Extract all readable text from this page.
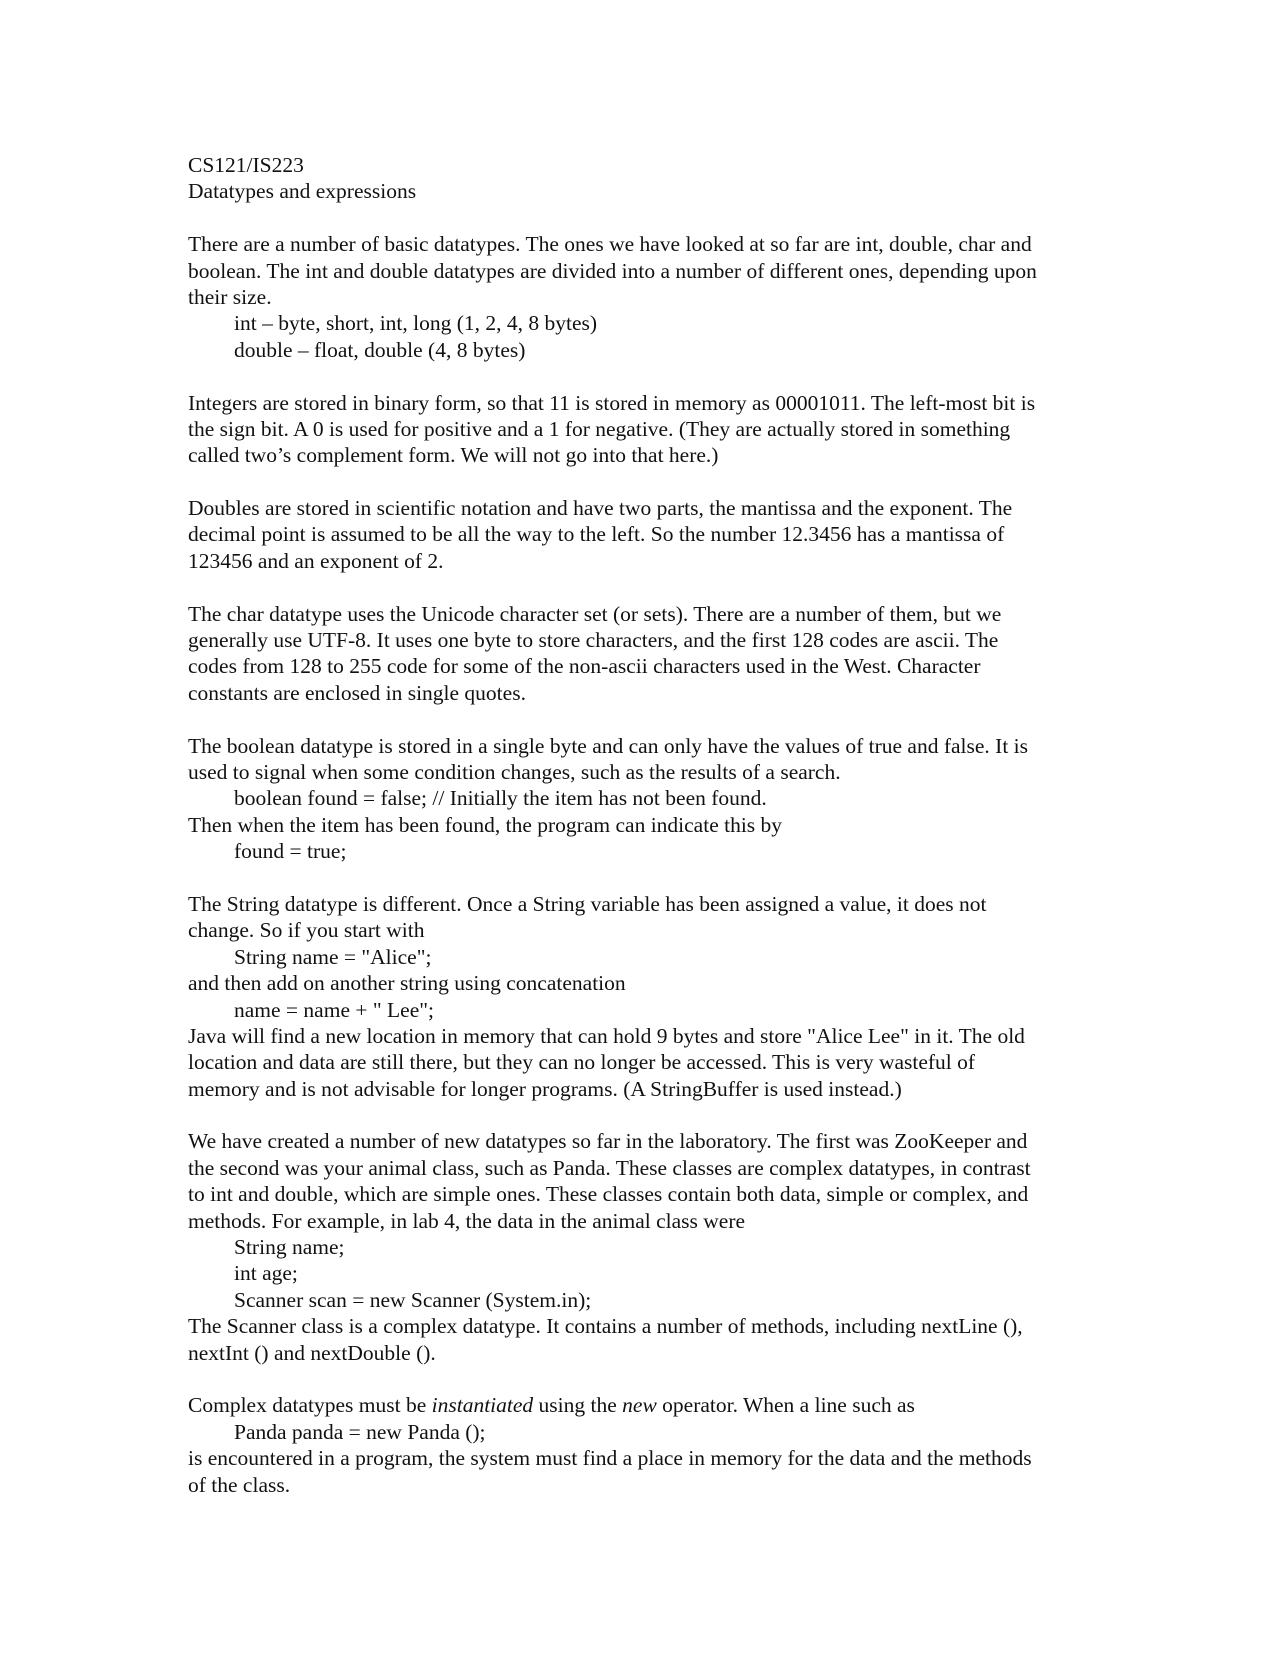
CS121/IS223
Datatypes and expressions
There are a number of basic datatypes. The ones we have looked at so far are int, double, char and
boolean. The int and double datatypes are divided into a number of different ones, depending upon
their size.
int – byte, short, int, long (1, 2, 4, 8 bytes)
double – float, double (4, 8 bytes)
Integers are stored in binary form, so that 11 is stored in memory as 00001011. The left-most bit is
the sign bit. A 0 is used for positive and a 1 for negative. (They are actually stored in something
called two’s complement form. We will not go into that here.)
Doubles are stored in scientific notation and have two parts, the mantissa and the exponent. The
decimal point is assumed to be all the way to the left. So the number 12.3456 has a mantissa of
123456 and an exponent of 2.
The char datatype uses the Unicode character set (or sets). There are a number of them, but we
generally use UTF-8. It uses one byte to store characters, and the first 128 codes are ascii. The
codes from 128 to 255 code for some of the non-ascii characters used in the West. Character
constants are enclosed in single quotes.
The boolean datatype is stored in a single byte and can only have the values of true and false. It is
used to signal when some condition changes, such as the results of a search.
boolean found = false; // Initially the item has not been found.
Then when the item has been found, the program can indicate this by
found = true;
The String datatype is different. Once a String variable has been assigned a value, it does not
change. So if you start with
String name = "Alice";
and then add on another string using concatenation
name = name + " Lee";
Java will find a new location in memory that can hold 9 bytes and store "Alice Lee" in it. The old
location and data are still there, but they can no longer be accessed. This is very wasteful of
memory and is not advisable for longer programs. (A StringBuffer is used instead.)
We have created a number of new datatypes so far in the laboratory. The first was ZooKeeper and
the second was your animal class, such as Panda. These classes are complex datatypes, in contrast
to int and double, which are simple ones. These classes contain both data, simple or complex, and
methods. For example, in lab 4, the data in the animal class were
String name;
int age;
Scanner scan = new Scanner (System.in);
The Scanner class is a complex datatype. It contains a number of methods, including nextLine (),
nextInt () and nextDouble ().
Complex datatypes must be instantiated using the new operator. When a line such as
Panda panda = new Panda ();
is encountered in a program, the system must find a place in memory for the data and the methods
of the class.
